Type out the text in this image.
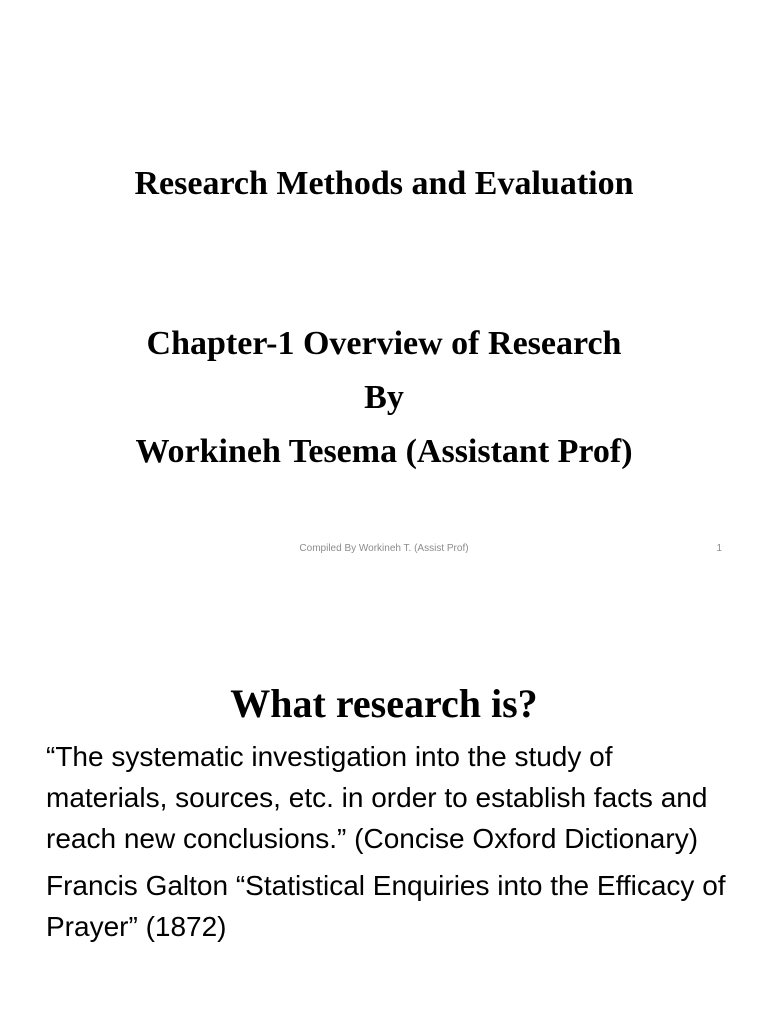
Research Methods and Evaluation
Chapter-1 Overview of Research
By
Workineh Tesema (Assistant Prof)

Compiled By Workineh T. (Assist Prof)	1
What research is?

“The systematic investigation into the study of materials, sources, etc. in order to establish facts and reach new conclusions.” (Concise Oxford Dictionary)

Francis Galton “Statistical Enquiries into the Efficacy of Prayer” (1872)
